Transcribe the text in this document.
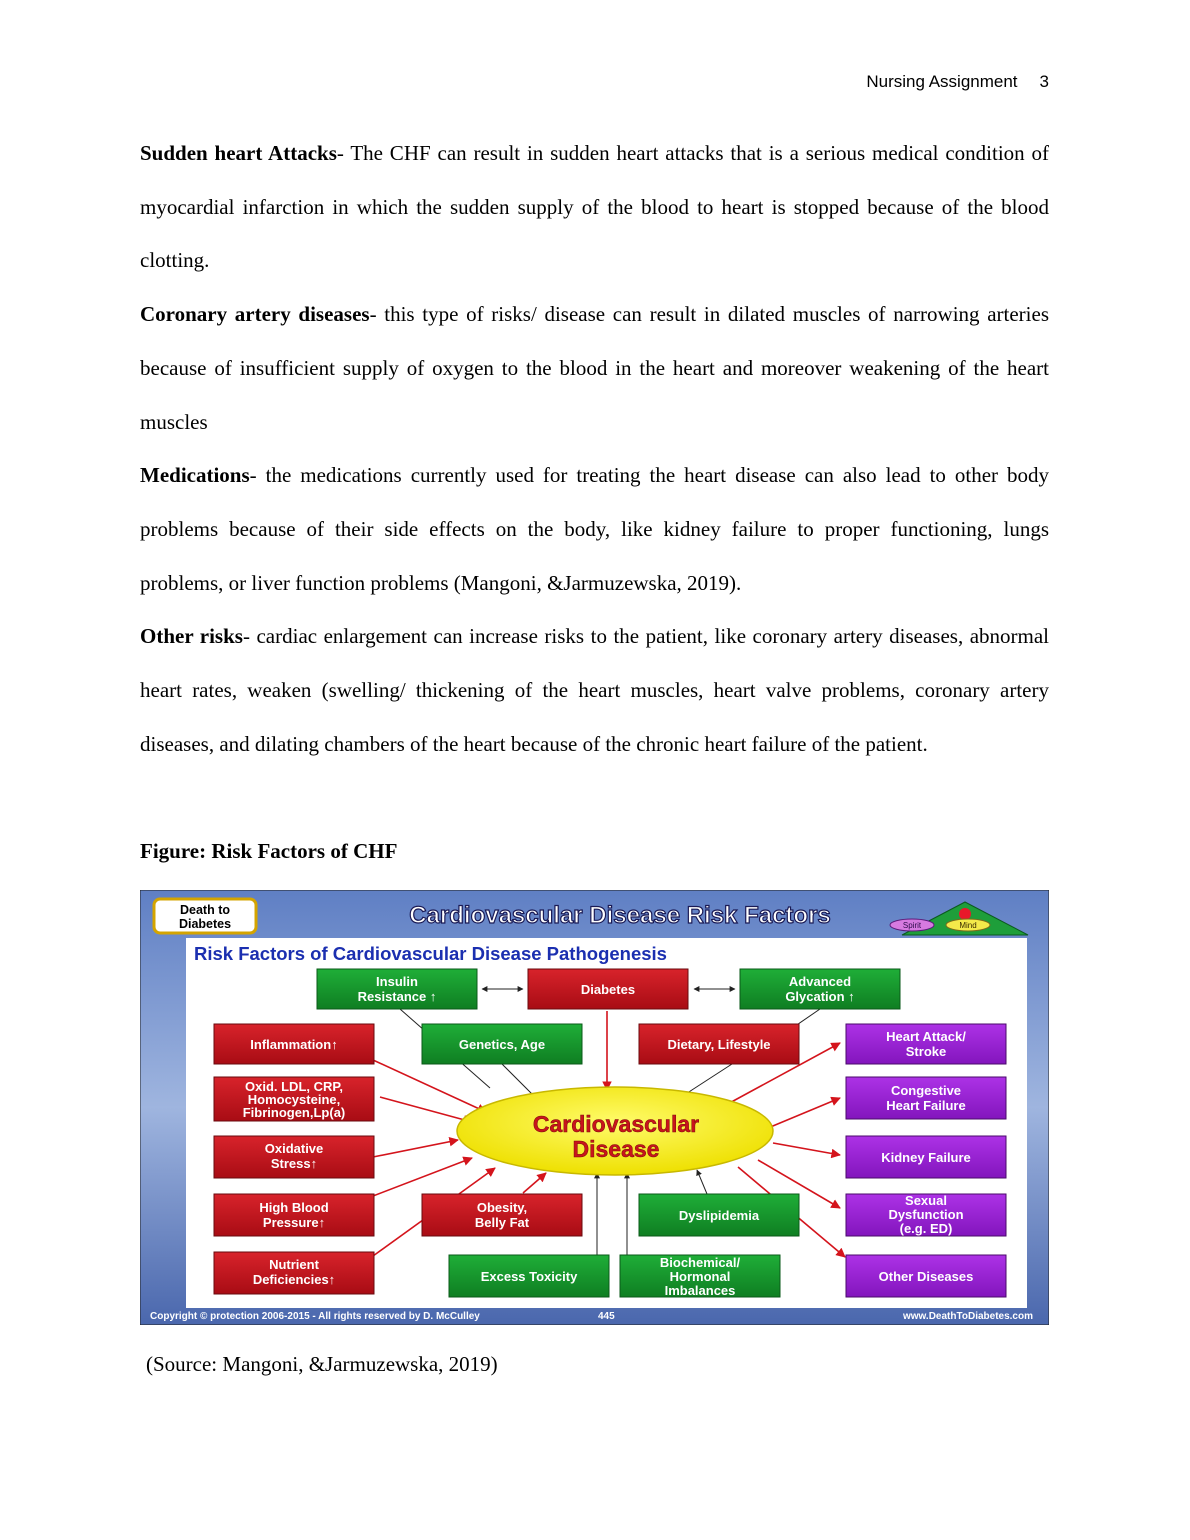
Nursing Assignment 3

Sudden heart Attacks- The CHF can result in sudden heart attacks that is a serious medical condition of myocardial infarction in which the sudden supply of the blood to heart is stopped because of the blood clotting.

Coronary artery diseases- this type of risks/ disease can result in dilated muscles of narrowing arteries because of insufficient supply of oxygen to the blood in the heart and moreover weakening of the heart muscles

Medications- the medications currently used for treating the heart disease can also lead to other body problems because of their side effects on the body, like kidney failure to proper functioning, lungs problems, or liver function problems (Mangoni, &Jarmuzewska, 2019).

Other risks- cardiac enlargement can increase risks to the patient, like coronary artery diseases, abnormal heart rates, weaken (swelling/ thickening of the heart muscles, heart valve problems, coronary artery diseases, and dilating chambers of the heart because of the chronic heart failure of the patient.

Figure: Risk Factors of CHF
Death to
Diabetes	Cardiovascular Disease Risk Factors	Spirit	Mind
Risk Factors of Cardiovascular Disease Pathogenesis
Insulin
Resistance ↑	Diabetes
Advanced
Glycation ↑
Inflammation↑	Genetics, Age	Dietary, Lifestyle
Heart Attack/
Stroke
Oxid. LDL, CRP,
Homocysteine,
Fibrinogen,Lp(a)
Congestive
Heart Failure
Oxidative
Stress↑	Kidney Failure
High Blood
Pressure↑
Obesity,
Belly Fat	Dyslipidemia
Sexual
Dysfunction
(e.g. ED)
Nutrient
Deficiencies↑	Excess Toxicity
Biochemical/
Hormonal
Imbalances
Other Diseases
Cardiovascular
Disease
Copyright © protection 2006-2015 - All rights reserved by D. McCulley	445	www.DeathToDiabetes.com
(Source: Mangoni, &Jarmuzewska, 2019)
